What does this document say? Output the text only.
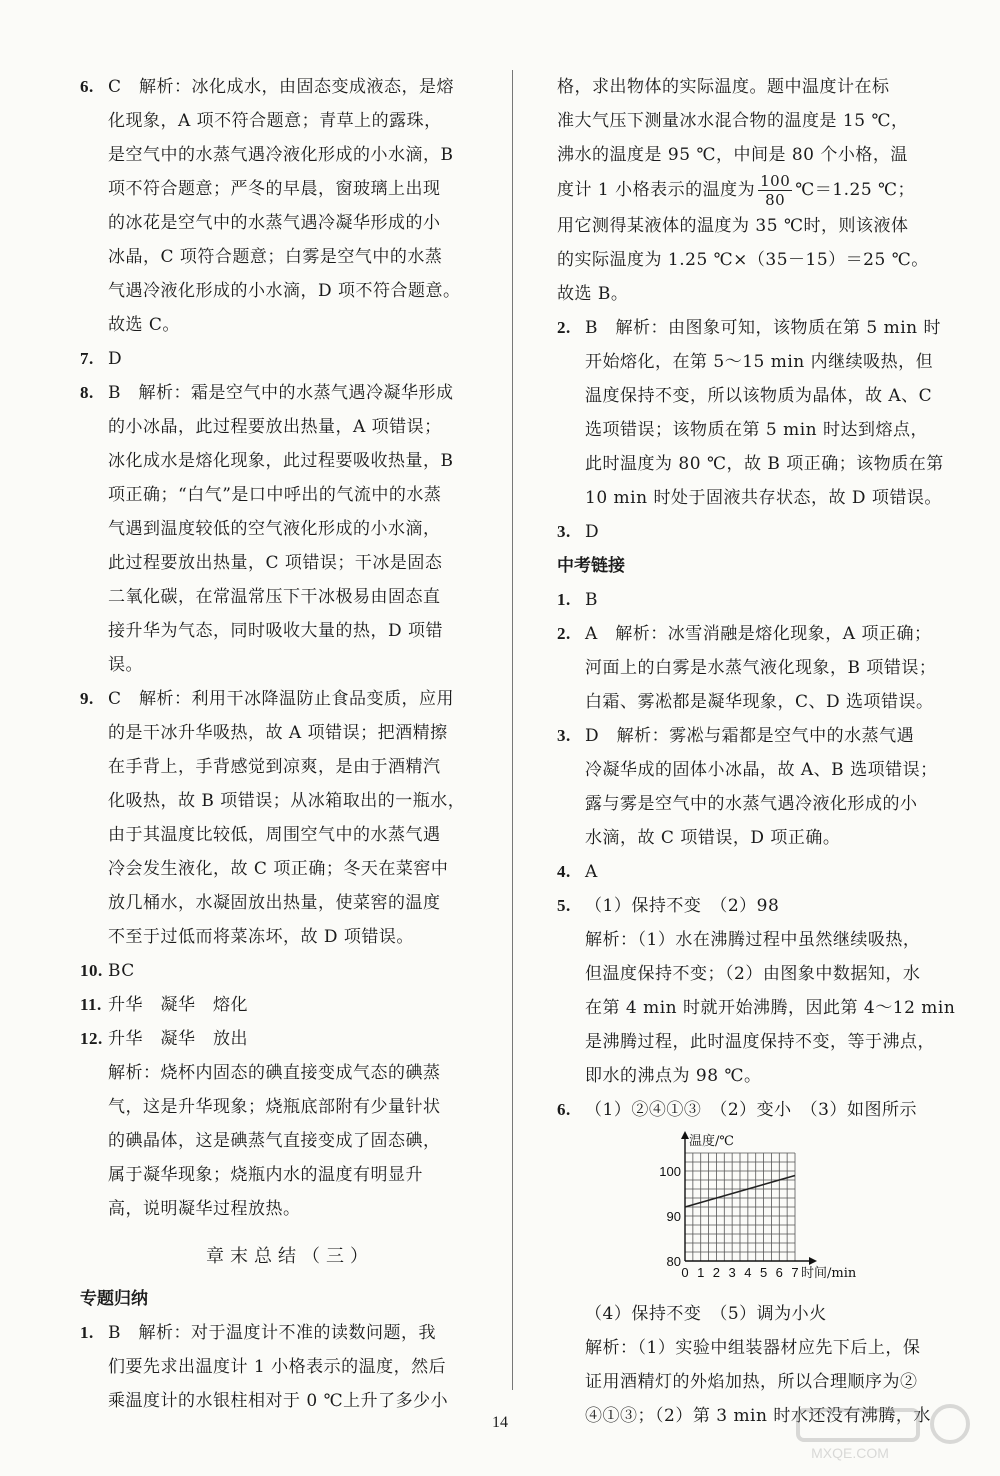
6. C　解析：冰化成水，由固态变成液态，是熔
化现象，A 项不符合题意；青草上的露珠，
是空气中的水蒸气遇冷液化形成的小水滴，B
项不符合题意；严冬的早晨，窗玻璃上出现
的冰花是空气中的水蒸气遇冷凝华形成的小
冰晶，C 项符合题意；白雾是空气中的水蒸
气遇冷液化形成的小水滴，D 项不符合题意。
故选 C。
7. D
8. B　解析：霜是空气中的水蒸气遇冷凝华形成
的小冰晶，此过程要放出热量，A 项错误；
冰化成水是熔化现象，此过程要吸收热量，B
项正确；“白气”是口中呼出的气流中的水蒸
气遇到温度较低的空气液化形成的小水滴，
此过程要放出热量，C 项错误；干冰是固态
二氧化碳，在常温常压下干冰极易由固态直
接升华为气态，同时吸收大量的热，D 项错
误。
9. C　解析：利用干冰降温防止食品变质，应用
的是干冰升华吸热，故 A 项错误；把酒精擦
在手背上，手背感觉到凉爽，是由于酒精汽
化吸热，故 B 项错误；从冰箱取出的一瓶水，
由于其温度比较低，周围空气中的水蒸气遇
冷会发生液化，故 C 项正确；冬天在菜窖中
放几桶水，水凝固放出热量，使菜窖的温度
不至于过低而将菜冻坏，故 D 项错误。
10. BC
11. 升华　凝华　熔化
12. 升华　凝华　放出
解析：烧杯内固态的碘直接变成气态的碘蒸
气，这是升华现象；烧瓶底部附有少量针状
的碘晶体，这是碘蒸气直接变成了固态碘，
属于凝华现象；烧瓶内水的温度有明显升
高，说明凝华过程放热。
章末总结（三）
专题归纳
1. B　解析：对于温度计不准的读数问题，我
们要先求出温度计 1 小格表示的温度，然后
乘温度计的水银柱相对于 0 ℃上升了多少小
格，求出物体的实际温度。题中温度计在标
准大气压下测量冰水混合物的温度是 15 ℃，
沸水的温度是 95 ℃，中间是 80 个小格，温
度计 1 小格表示的温度为 $\frac{100}{80}$ ℃＝1.25 ℃；
用它测得某液体的温度为 35 ℃时，则该液体
的实际温度为 1.25 ℃×（35－15）＝25 ℃。
故选 B。
2. B　解析：由图象可知，该物质在第 5 min 时
开始熔化，在第 5～15 min 内继续吸热，但
温度保持不变，所以该物质为晶体，故 A、C
选项错误；该物质在第 5 min 时达到熔点，
此时温度为 80 ℃，故 B 项正确；该物质在第
10 min 时处于固液共存状态，故 D 项错误。
3. D
中考链接
1. B
2. A　解析：冰雪消融是熔化现象，A 项正确；
河面上的白雾是水蒸气液化现象，B 项错误；
白霜、雾凇都是凝华现象，C、D 选项错误。
3. D　解析：雾凇与霜都是空气中的水蒸气遇
冷凝华成的固体小冰晶，故 A、B 选项错误；
露与雾是空气中的水蒸气遇冷液化形成的小
水滴，故 C 项错误，D 项正确。
4. A
5. （1）保持不变　（2）98
解析：（1）水在沸腾过程中虽然继续吸热，
但温度保持不变；（2）由图象中数据知，水
在第 4 min 时就开始沸腾，因此第 4～12 min
是沸腾过程，此时温度保持不变，等于沸点，
即水的沸点为 98 ℃。
6. （1）②④①③　（2）变小　（3）如图所示
0 1 2 3 4 5 6 7
80
90
100
温度/℃
时间/min
（4）保持不变　（5）调为小火
解析：（1）实验中组装器材应先下后上，保
证用酒精灯的外焰加热，所以合理顺序为②
④①③；（2）第 3 min 时水还没有沸腾，水
14
MXQE.COM
